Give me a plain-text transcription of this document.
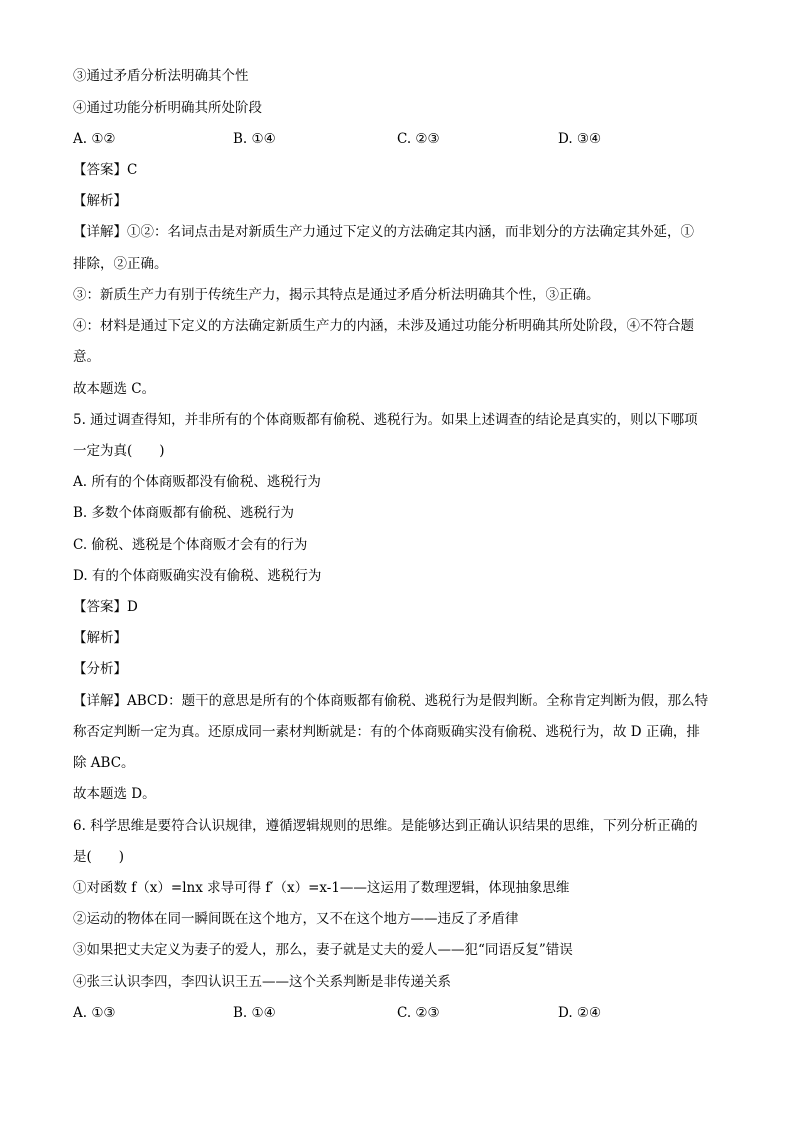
③通过矛盾分析法明确其个性
④通过功能分析明确其所处阶段
A. ①②	B. ①④	C. ②③	D. ③④
【答案】C
【解析】
【详解】①②：名词点击是对新质生产力通过下定义的方法确定其内涵，而非划分的方法确定其外延，①
排除，②正确。
③：新质生产力有别于传统生产力，揭示其特点是通过矛盾分析法明确其个性，③正确。
④：材料是通过下定义的方法确定新质生产力的内涵，未涉及通过功能分析明确其所处阶段，④不符合题
意。
故本题选 C。
5. 通过调查得知，并非所有的个体商贩都有偷税、逃税行为。如果上述调查的结论是真实的，则以下哪项
一定为真(　　)
A. 所有的个体商贩都没有偷税、逃税行为
B. 多数个体商贩都有偷税、逃税行为
C. 偷税、逃税是个体商贩才会有的行为
D. 有的个体商贩确实没有偷税、逃税行为
【答案】D
【解析】
【分析】
【详解】ABCD：题干的意思是所有的个体商贩都有偷税、逃税行为是假判断。全称肯定判断为假，那么特
称否定判断一定为真。还原成同一素材判断就是：有的个体商贩确实没有偷税、逃税行为，故 D 正确，排
除 ABC。
故本题选 D。
6. 科学思维是要符合认识规律，遵循逻辑规则的思维。是能够达到正确认识结果的思维，下列分析正确的
是(　　)
①对函数 f（x）=lnx 求导可得 f′（x）=x-1——这运用了数理逻辑，体现抽象思维
②运动的物体在同一瞬间既在这个地方，又不在这个地方——违反了矛盾律
③如果把丈夫定义为妻子的爱人，那么，妻子就是丈夫的爱人——犯“同语反复”错误
④张三认识李四，李四认识王五——这个关系判断是非传递关系
A. ①③	B. ①④	C. ②③	D. ②④
